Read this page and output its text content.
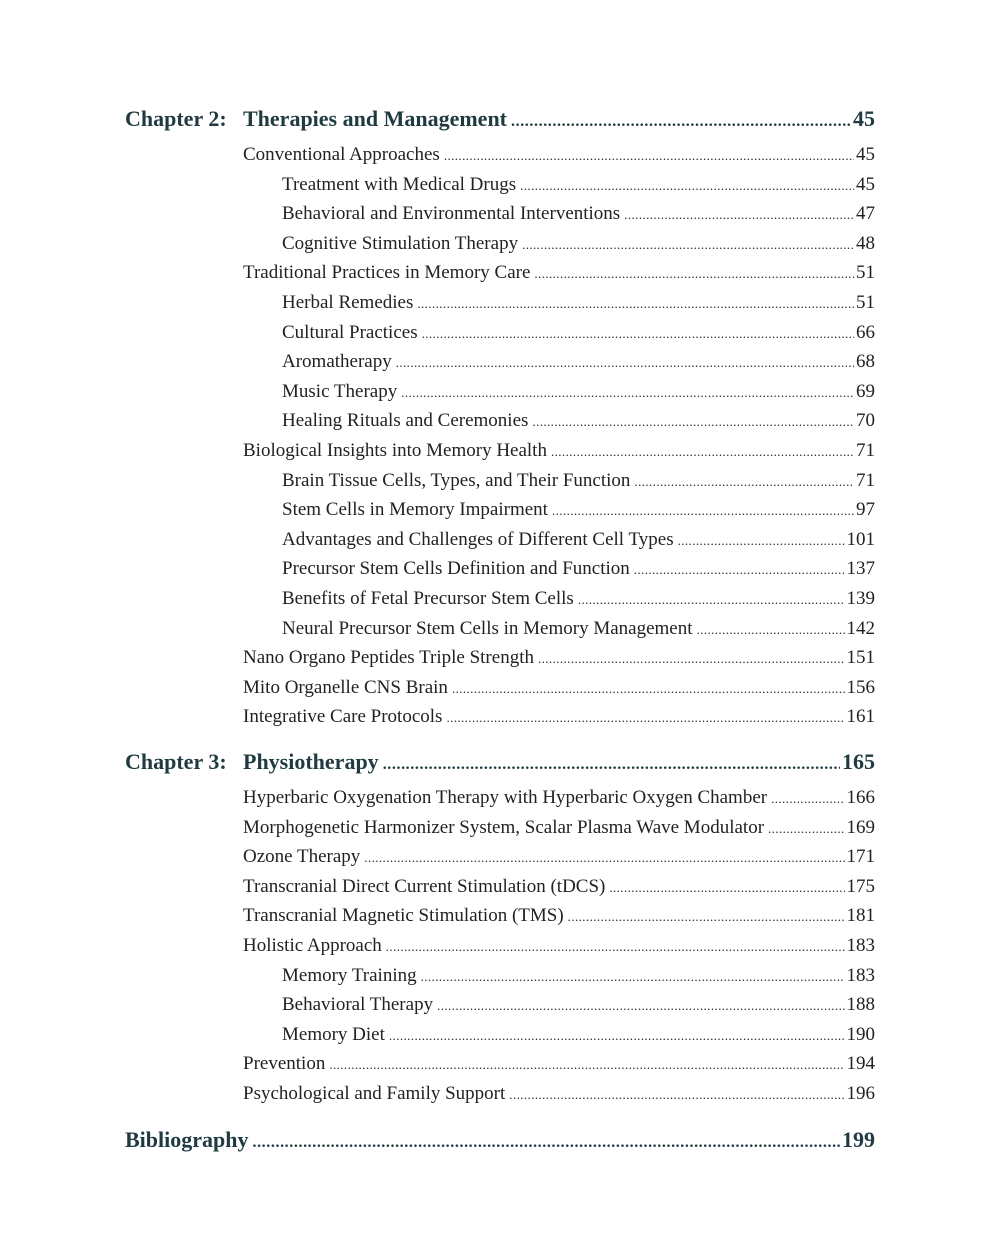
Chapter 2: Therapies and Management .....	45
Conventional Approaches .....	45
Treatment with Medical Drugs .....	45
Behavioral and Environmental Interventions .....	47
Cognitive Stimulation Therapy .....	48
Traditional Practices in Memory Care .....	51
Herbal Remedies .....	51
Cultural Practices .....	66
Aromatherapy .....	68
Music Therapy .....	69
Healing Rituals and Ceremonies .....	70
Biological Insights into Memory Health .....	71
Brain Tissue Cells, Types, and Their Function .....	71
Stem Cells in Memory Impairment .....	97
Advantages and Challenges of Different Cell Types .....	101
Precursor Stem Cells Definition and Function .....	137
Benefits of Fetal Precursor Stem Cells .....	139
Neural Precursor Stem Cells in Memory Management .....	142
Nano Organo Peptides Triple Strength .....	151
Mito Organelle CNS Brain .....	156
Integrative Care Protocols .....	161
Chapter 3: Physiotherapy .....	165
Hyperbaric Oxygenation Therapy with Hyperbaric Oxygen Chamber .....	166
Morphogenetic Harmonizer System, Scalar Plasma Wave Modulator .....	169
Ozone Therapy .....	171
Transcranial Direct Current Stimulation (tDCS) .....	175
Transcranial Magnetic Stimulation (TMS) .....	181
Holistic Approach .....	183
Memory Training .....	183
Behavioral Therapy .....	188
Memory Diet .....	190
Prevention .....	194
Psychological and Family Support .....	196
Bibliography .....	199
